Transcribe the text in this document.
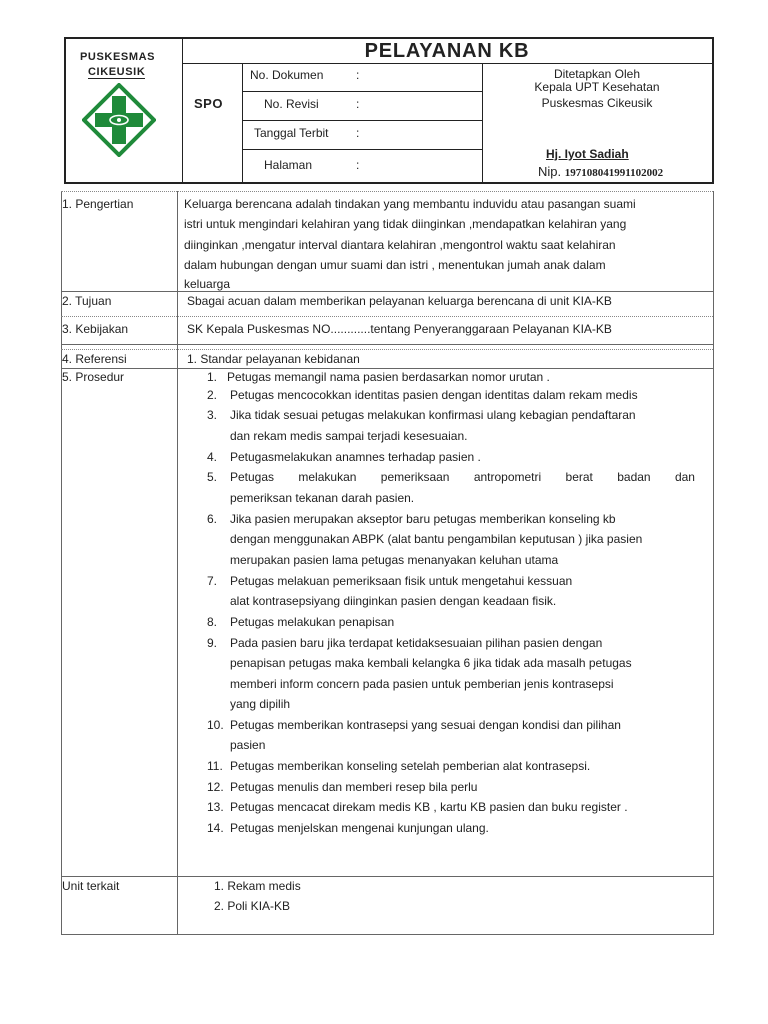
PUSKESMAS
CIKEUSIK
PELAYANAN KB
SPO
No. Dokumen	:
No. Revisi	:
Tanggal Terbit :
Halaman	:
Ditetapkan Oleh
Kepala UPT Kesehatan
Puskesmas Cikeusik
Hj. Iyot Sadiah
Nip. 197108041991102002
1. Pengertian	Keluarga berencana adalah tindakan yang membantu induvidu atau pasangan suami
istri untuk mengindari kelahiran yang tidak diinginkan ,mendapatkan kelahiran yang
diinginkan ,mengatur interval diantara kelahiran ,mengontrol waktu saat kelahiran
dalam hubungan dengan umur suami dan istri , menentukan jumah anak dalam
keluarga
2. Tujuan	Sbagai acuan dalam memberikan pelayanan keluarga berencana di unit KIA-KB
3. Kebijakan	SK Kepala Puskesmas NO............tentang Penyeranggaraan Pelayanan KIA-KB
4. Referensi	1. Standar pelayanan kebidanan
5. Prosedur	1. Petugas memangil nama pasien berdasarkan nomor urutan .
2. Petugas mencocokkan identitas pasien dengan identitas dalam rekam medis
3. Jika tidak sesuai petugas melakukan konfirmasi ulang kebagian pendaftaran
dan rekam medis sampai terjadi kesesuaian.
4. Petugasmelakukan anamnes terhadap pasien .
5. Petugas melakukan pemeriksaan antropometri berat badan dan
pemeriksan tekanan darah pasien.
6. Jika pasien merupakan akseptor baru petugas memberikan konseling kb
dengan menggunakan ABPK (alat bantu pengambilan keputusan ) jika pasien
merupakan pasien lama petugas menanyakan keluhan utama
7. Petugas melakuan pemeriksaan fisik untuk mengetahui kessuan
alat kontrasepsiyang diinginkan pasien dengan keadaan fisik.
8. Petugas melakukan penapisan
9. Pada pasien baru jika terdapat ketidaksesuaian pilihan pasien dengan
penapisan petugas maka kembali kelangka 6 jika tidak ada masalh petugas
memberi inform concern pada pasien untuk pemberian jenis kontrasepsi
yang dipilih
10. Petugas memberikan kontrasepsi yang sesuai dengan kondisi dan pilihan
pasien
11. Petugas memberikan konseling setelah pemberian alat kontrasepsi.
12. Petugas menulis dan memberi resep bila perlu
13. Petugas mencacat direkam medis KB , kartu KB pasien dan buku register .
14. Petugas menjelskan mengenai kunjungan ulang.
Unit terkait	1. Rekam medis
2. Poli KIA-KB
